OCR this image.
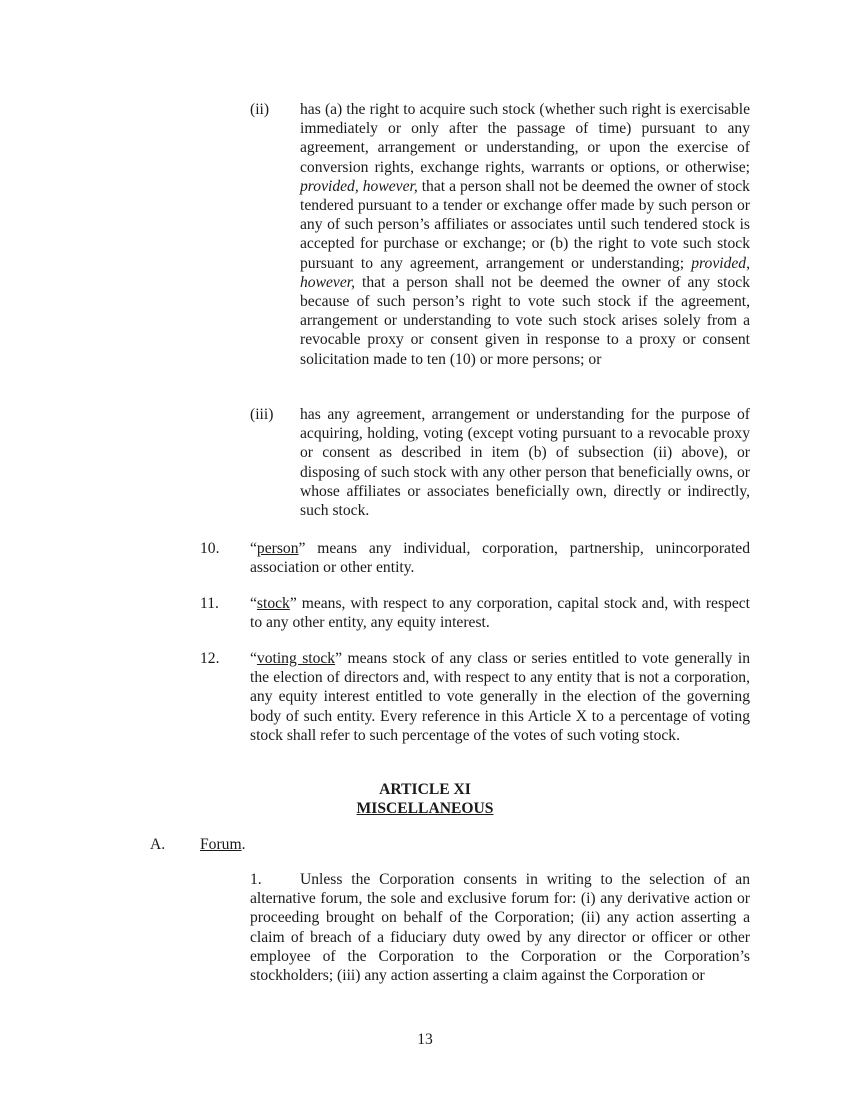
(ii) has (a) the right to acquire such stock (whether such right is exercisable immediately or only after the passage of time) pursuant to any agreement, arrangement or understanding, or upon the exercise of conversion rights, exchange rights, warrants or options, or otherwise; provided, however, that a person shall not be deemed the owner of stock tendered pursuant to a tender or exchange offer made by such person or any of such person’s affiliates or associates until such tendered stock is accepted for purchase or exchange; or (b) the right to vote such stock pursuant to any agreement, arrangement or understanding; provided, however, that a person shall not be deemed the owner of any stock because of such person’s right to vote such stock if the agreement, arrangement or understanding to vote such stock arises solely from a revocable proxy or consent given in response to a proxy or consent solicitation made to ten (10) or more persons; or

(iii) has any agreement, arrangement or understanding for the purpose of acquiring, holding, voting (except voting pursuant to a revocable proxy or consent as described in item (b) of subsection (ii) above), or disposing of such stock with any other person that beneficially owns, or whose affiliates or associates beneficially own, directly or indirectly, such stock.

10. “person” means any individual, corporation, partnership, unincorporated association or other entity.

11. “stock” means, with respect to any corporation, capital stock and, with respect to any other entity, any equity interest.

12. “voting stock” means stock of any class or series entitled to vote generally in the election of directors and, with respect to any entity that is not a corporation, any equity interest entitled to vote generally in the election of the governing body of such entity. Every reference in this Article X to a percentage of voting stock shall refer to such percentage of the votes of such voting stock.

ARTICLE XI
MISCELLANEOUS
A. Forum.
1.	Unless the Corporation consents in writing to the selection of an alternative forum, the sole and exclusive forum for: (i) any derivative action or proceeding brought on behalf of the Corporation; (ii) any action asserting a claim of breach of a fiduciary duty owed by any director or officer or other employee of the Corporation to the Corporation or the Corporation’s stockholders; (iii) any action asserting a claim against the Corporation or

13
